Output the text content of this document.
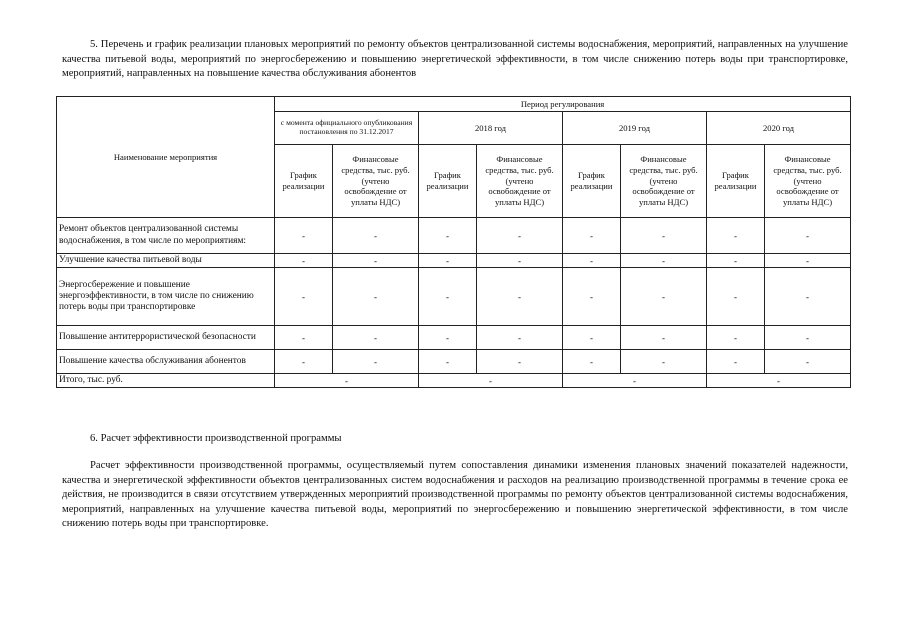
5. Перечень и график реализации плановых мероприятий по ремонту объектов централизованной системы водоснабжения, мероприятий, направленных на улучшение качества питьевой воды, мероприятий по энергосбережению и повышению энергетической эффективности, в том числе снижению потерь воды при транспортировке, мероприятий, направленных на повышение качества обслуживания абонентов

Наименование мероприятия	Период регулирования							
	с момента официального опубликования постановления по 31.12.2017		2018 год		2019 год		2020 год	
	График реализации	Финансовые средства, тыс. руб. (учтено освобождение от уплаты НДС)	График реализации	Финансовые средства, тыс. руб. (учтено освобождение от уплаты НДС)	График реализации	Финансовые средства, тыс. руб. (учтено освобождение от уплаты НДС)	График реализации	Финансовые средства, тыс. руб. (учтено освобождение от уплаты НДС)
Ремонт объектов централизованной системы водоснабжения, в том числе по мероприятиям:	-	-	-	-	-	-	-	-
Улучшение качества питьевой воды	-	-	-	-	-	-	-	-
Энергосбережение и повышение энергоэффективности, в том числе по снижению потерь воды при транспортировке	-	-	-	-	-	-	-	-
Повышение антитеррористической безопасности	-	-	-	-	-	-	-	-
Повышение качества обслуживания абонентов	-	-	-	-	-	-	-	-
Итого, тыс. руб.	-		-		-		-	

6. Расчет эффективности производственной программы

Расчет эффективности производственной программы, осуществляемый путем сопоставления динамики изменения плановых значений показателей надежности, качества и энергетической эффективности объектов централизованных систем водоснабжения и расходов на реализацию производственной программы в течение срока ее действия, не производится в связи отсутствием утвержденных мероприятий производственной программы по ремонту объектов централизованной системы водоснабжения, мероприятий, направленных на улучшение качества питьевой воды, мероприятий по энергосбережению и повышению энергетической эффективности, в том числе снижению потерь воды при транспортировке.
